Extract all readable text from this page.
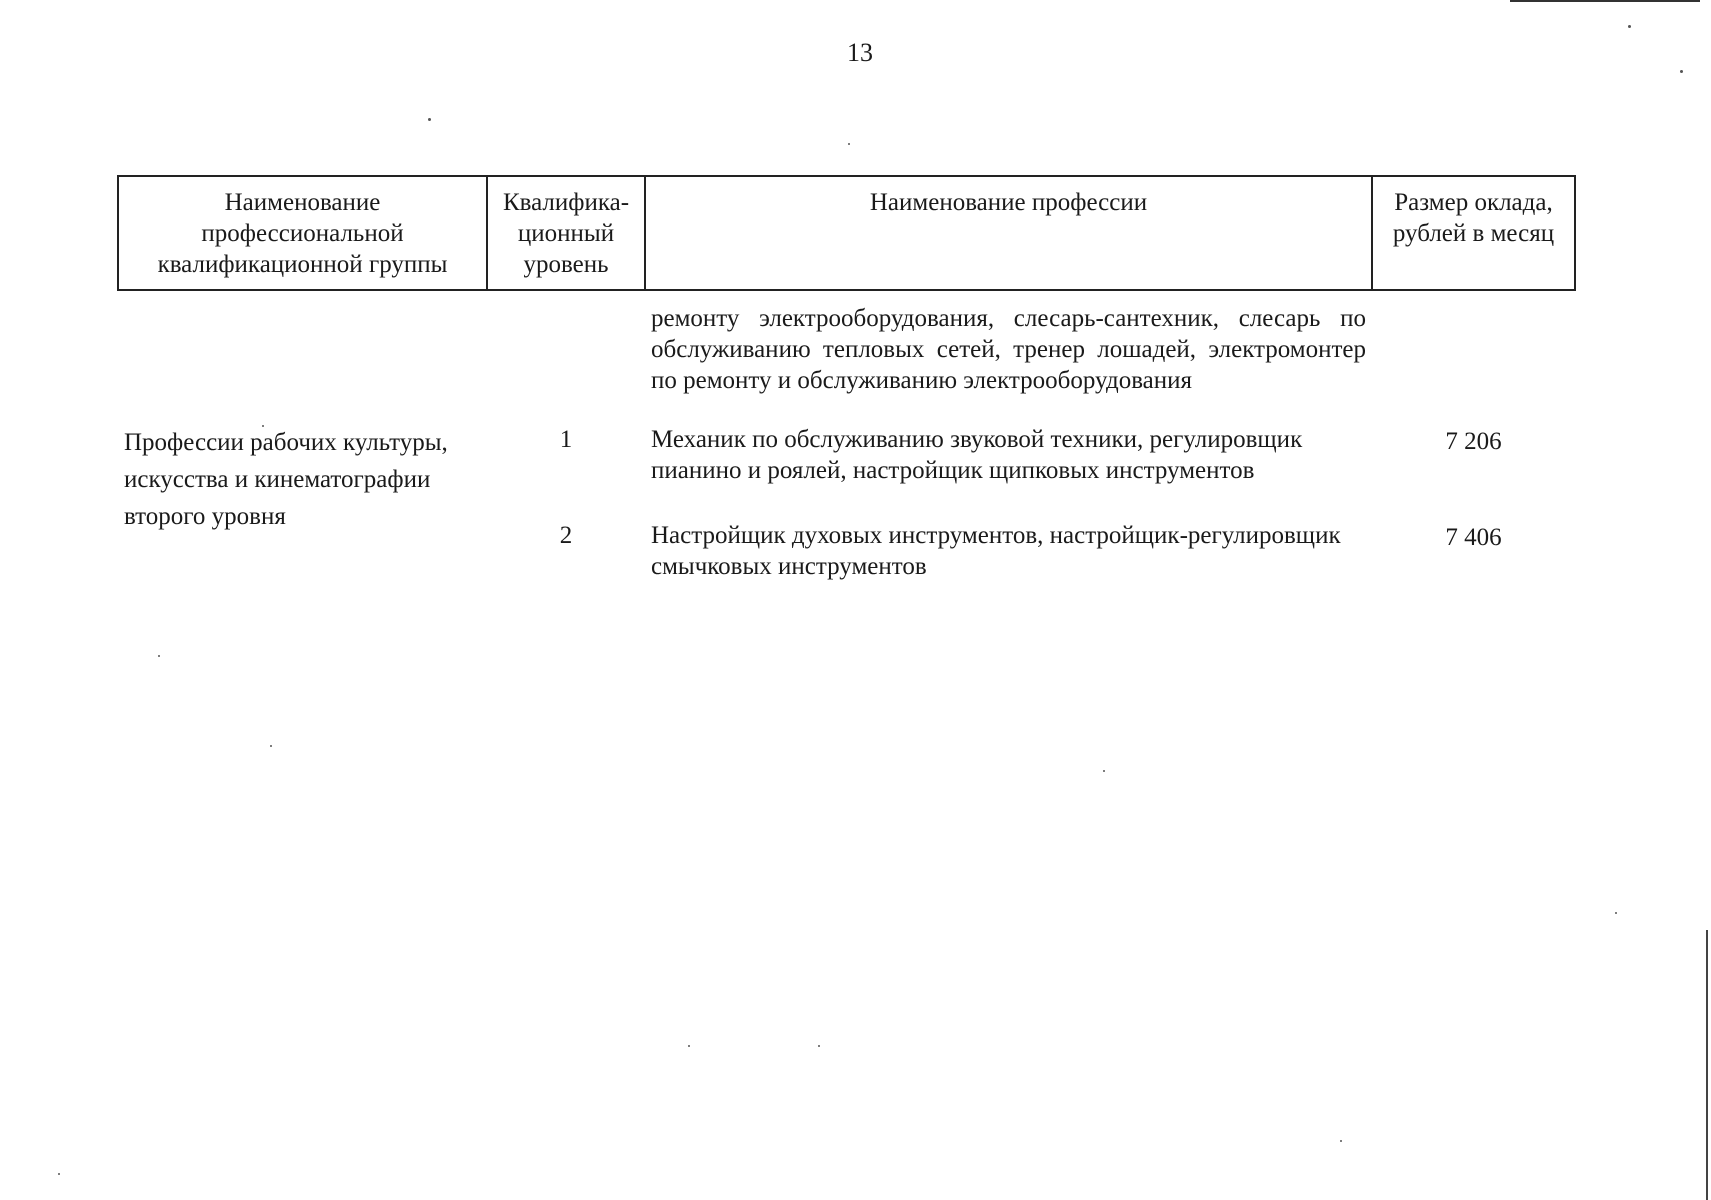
13
Наименование профессиональной квалификационной группы	Квалифика-ционный уровень	Наименование профессии	Размер оклада, рублей в месяц
		ремонту электрооборудования, слесарь-сантехник, слесарь по обслуживанию тепловых сетей, тренер лошадей, электромонтер по ремонту и обслуживанию электрооборудования	
Профессии рабочих культуры, искусства и кинематографии второго уровня	1	Механик по обслуживанию звуковой техники, регулировщик пианино и роялей, настройщик щипковых инструментов	7 206
	2	Настройщик духовых инструментов, настройщик-регулировщик смычковых инструментов	7 406
